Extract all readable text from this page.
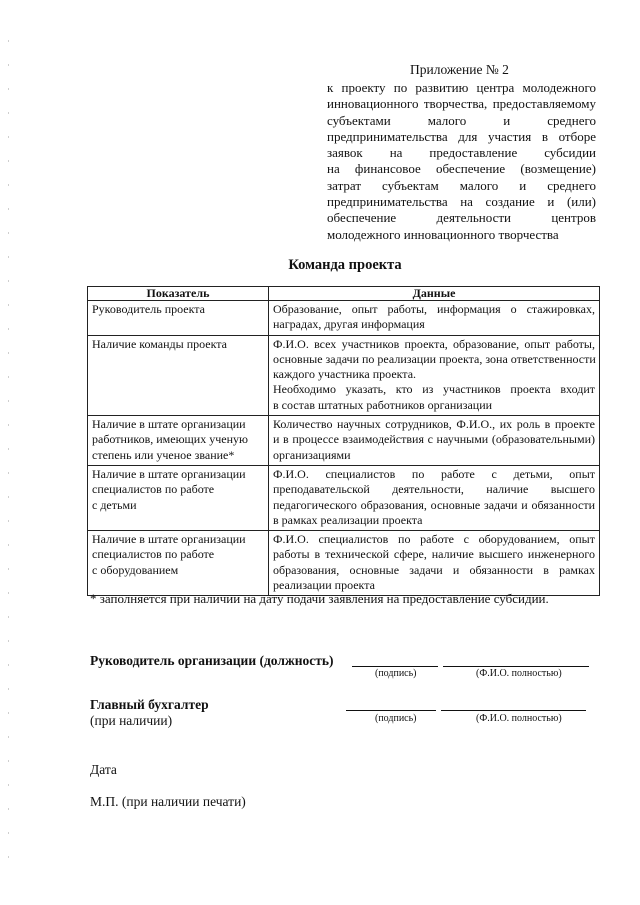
Приложение № 2
к проекту по развитию центра молодежного
инновационного творчества, предоставляемому
субъектами малого и среднего
предпринимательства для участия в отборе
заявок на предоставление субсидии
на финансовое обеспечение (возмещение)
затрат субъектам малого и среднего
предпринимательства на создание и (или)
обеспечение деятельности центров
молодежного инновационного творчества
Команда проекта
Показатель	Данные

Руководитель проекта	Образование, опыт работы, информация о стажировках,
наградах, другая информация

Наличие команды проекта	Ф.И.О. всех участников проекта, образование, опыт работы,
основные задачи по реализации проекта, зона ответственности
каждого участника проекта.
Необходимо указать, кто из участников проекта входит
в состав штатных работников организации

Наличие в штате организации
работников, имеющих ученую
степень или ученое звание*	Количество научных сотрудников, Ф.И.О., их роль в проекте
и в процессе взаимодействия с научными (образовательными)
организациями

Наличие в штате организации
специалистов по работе
с детьми	Ф.И.О. специалистов по работе с детьми, опыт
преподавательской деятельности, наличие высшего
педагогического образования, основные задачи и обязанности
в рамках реализации проекта

Наличие в штате организации
специалистов по работе
с оборудованием	Ф.И.О. специалистов по работе с оборудованием, опыт
работы в технической сфере, наличие высшего инженерного
образования, основные задачи и обязанности в рамках
реализации проекта
* заполняется при наличии на дату подачи заявления на предоставление субсидии.
Руководитель организации (должность)
(подпись)	(Ф.И.О. полностью)
Главный бухгалтер
(при наличии)	(подпись)	(Ф.И.О. полностью)
Дата
М.П. (при наличии печати)
